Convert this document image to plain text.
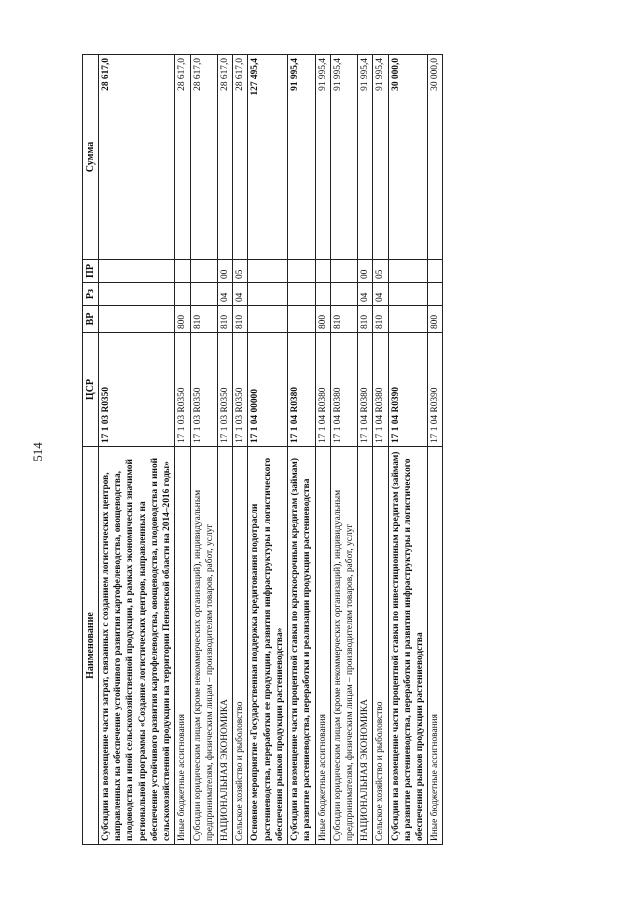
514
Наименование	ЦСР	ВР	Рз	ПР	Сумма
Субсидии на возмещение части затрат, связанных с созданием логистических центров, направленных на обеспечение устойчивого развития картофелеводства, овощеводства, плодоводства и иной сельскохозяйственной продукции, в рамках экономически значимой региональной программы «Создание логистических центров, направленных на обеспечение устойчивого развития картофелеводства, овощеводства, плодоводства и иной сельскохозяйственной продукции на территории Пензенской области на 2014–2016 годы»	17 1 03 R0350				28 617,0
Иные бюджетные ассигнования	17 1 03 R0350	800			28 617,0
Субсидии юридическим лицам (кроме некоммерческих организаций), индивидуальным предпринимателям, физическим лицам – производителям товаров, работ, услуг	17 1 03 R0350	810			28 617,0
НАЦИОНАЛЬНАЯ ЭКОНОМИКА	17 1 03 R0350	810	04	00	28 617,0
Сельское хозяйство и рыболовство	17 1 03 R0350	810	04	05	28 617,0
Основное мероприятие «Государственная поддержка кредитования подотрасли растениеводства, переработки ее продукции, развития инфраструктуры и логистического обеспечения рынков продукции растениеводства»	17 1 04 00000				127 495,4
Субсидии на возмещение части процентной ставки по краткосрочным кредитам (займам) на развитие растениеводства, переработки и реализации продукции растениеводства	17 1 04 R0380				91 995,4
Иные бюджетные ассигнования	17 1 04 R0380	800			91 995,4
Субсидии юридическим лицам (кроме некоммерческих организаций), индивидуальным предпринимателям, физическим лицам – производителям товаров, работ, услуг	17 1 04 R0380	810			91 995,4
НАЦИОНАЛЬНАЯ ЭКОНОМИКА	17 1 04 R0380	810	04	00	91 995,4
Сельское хозяйство и рыболовство	17 1 04 R0380	810	04	05	91 995,4
Субсидии на возмещение части процентной ставки по инвестиционным кредитам (займам) на развитие растениеводства, переработки и развития инфраструктуры и логистического обеспечения рынков продукции растениеводства	17 1 04 R0390				30 000,0
Иные бюджетные ассигнования	17 1 04 R0390	800			30 000,0
